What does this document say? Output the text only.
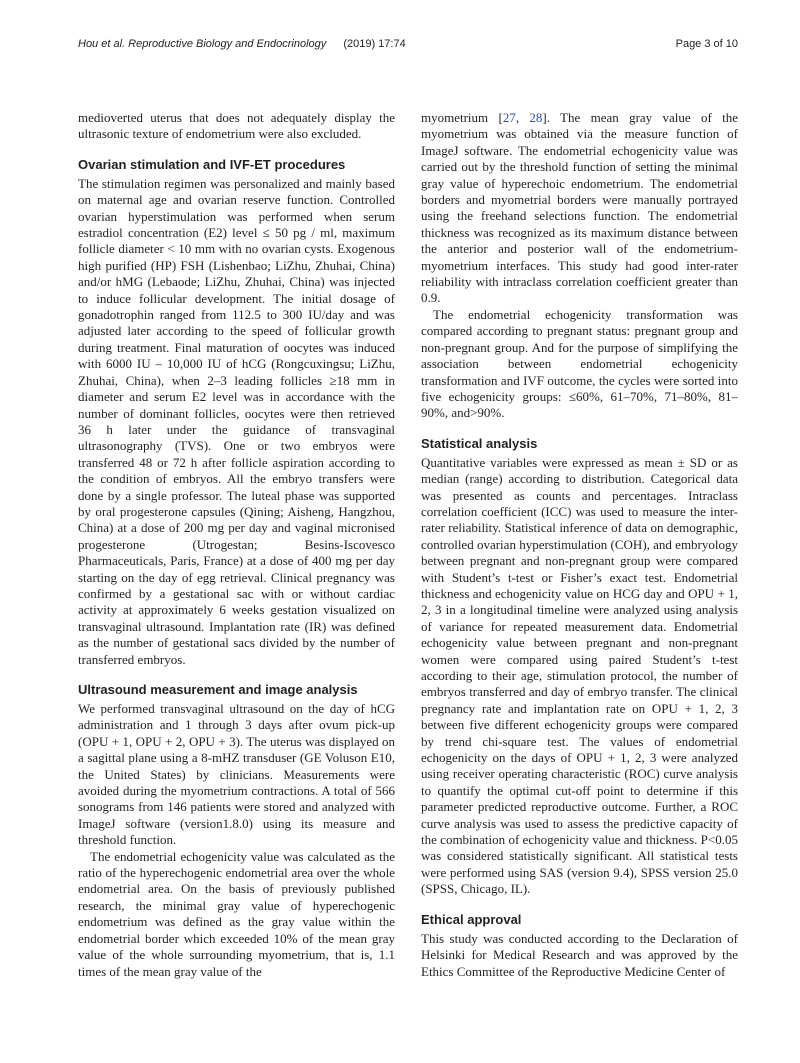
Hou et al. Reproductive Biology and Endocrinology (2019) 17:74	Page 3 of 10

medioverted uterus that does not adequately display the ultrasonic texture of endometrium were also excluded.

Ovarian stimulation and IVF-ET procedures

The stimulation regimen was personalized and mainly based on maternal age and ovarian reserve function. Controlled ovarian hyperstimulation was performed when serum estradiol concentration (E2) level ≤ 50 pg / ml, maximum follicle diameter < 10 mm with no ovarian cysts. Exogenous high purified (HP) FSH (Lishenbao; LiZhu, Zhuhai, China) and/or hMG (Lebaode; LiZhu, Zhuhai, China) was injected to induce follicular development. The initial dosage of gonadotrophin ranged from 112.5 to 300 IU/day and was adjusted later according to the speed of follicular growth during treatment. Final maturation of oocytes was induced with 6000 IU – 10,000 IU of hCG (Rongcuxingsu; LiZhu, Zhuhai, China), when 2–3 leading follicles ≥18 mm in diameter and serum E2 level was in accordance with the number of dominant follicles, oocytes were then retrieved 36 h later under the guidance of transvaginal ultrasonography (TVS). One or two embryos were transferred 48 or 72 h after follicle aspiration according to the condition of embryos. All the embryo transfers were done by a single professor. The luteal phase was supported by oral progesterone capsules (Qining; Aisheng, Hangzhou, China) at a dose of 200 mg per day and vaginal micronised progesterone (Utrogestan; Besins-Iscovesco Pharmaceuticals, Paris, France) at a dose of 400 mg per day starting on the day of egg retrieval. Clinical pregnancy was confirmed by a gestational sac with or without cardiac activity at approximately 6 weeks gestation visualized on transvaginal ultrasound. Implantation rate (IR) was defined as the number of gestational sacs divided by the number of transferred embryos.

Ultrasound measurement and image analysis

We performed transvaginal ultrasound on the day of hCG administration and 1 through 3 days after ovum pick-up (OPU + 1, OPU + 2, OPU + 3). The uterus was displayed on a sagittal plane using a 8-mHZ transduser (GE Voluson E10, the United States) by clinicians. Measurements were avoided during the myometrium contractions. A total of 566 sonograms from 146 patients were stored and analyzed with ImageJ software (version1.8.0) using its measure and threshold function.

The endometrial echogenicity value was calculated as the ratio of the hyperechogenic endometrial area over the whole endometrial area. On the basis of previously published research, the minimal gray value of hyperechogenic endometrium was defined as the gray value within the endometrial border which exceeded 10% of the mean gray value of the whole surrounding myometrium, that is, 1.1 times of the mean gray value of the

myometrium [27, 28]. The mean gray value of the myometrium was obtained via the measure function of ImageJ software. The endometrial echogenicity value was carried out by the threshold function of setting the minimal gray value of hyperechoic endometrium. The endometrial borders and myometrial borders were manually portrayed using the freehand selections function. The endometrial thickness was recognized as its maximum distance between the anterior and posterior wall of the endometrium-myometrium interfaces. This study had good inter-rater reliability with intraclass correlation coefficient greater than 0.9.

The endometrial echogenicity transformation was compared according to pregnant status: pregnant group and non-pregnant group. And for the purpose of simplifying the association between endometrial echogenicity transformation and IVF outcome, the cycles were sorted into five echogenicity groups: ≤60%, 61–70%, 71–80%, 81–90%, and>90%.

Statistical analysis

Quantitative variables were expressed as mean ± SD or as median (range) according to distribution. Categorical data was presented as counts and percentages. Intraclass correlation coefficient (ICC) was used to measure the inter-rater reliability. Statistical inference of data on demographic, controlled ovarian hyperstimulation (COH), and embryology between pregnant and non-pregnant group were compared with Student’s t-test or Fisher’s exact test. Endometrial thickness and echogenicity value on HCG day and OPU + 1, 2, 3 in a longitudinal timeline were analyzed using analysis of variance for repeated measurement data. Endometrial echogenicity value between pregnant and non-pregnant women were compared using paired Student’s t-test according to their age, stimulation protocol, the number of embryos transferred and day of embryo transfer. The clinical pregnancy rate and implantation rate on OPU + 1, 2, 3 between five different echogenicity groups were compared by trend chi-square test. The values of endometrial echogenicity on the days of OPU + 1, 2, 3 were analyzed using receiver operating characteristic (ROC) curve analysis to quantify the optimal cut-off point to determine if this parameter predicted reproductive outcome. Further, a ROC curve analysis was used to assess the predictive capacity of the combination of echogenicity value and thickness. P<0.05 was considered statistically significant. All statistical tests were performed using SAS (version 9.4), SPSS version 25.0 (SPSS, Chicago, IL).

Ethical approval

This study was conducted according to the Declaration of Helsinki for Medical Research and was approved by the Ethics Committee of the Reproductive Medicine Center of
